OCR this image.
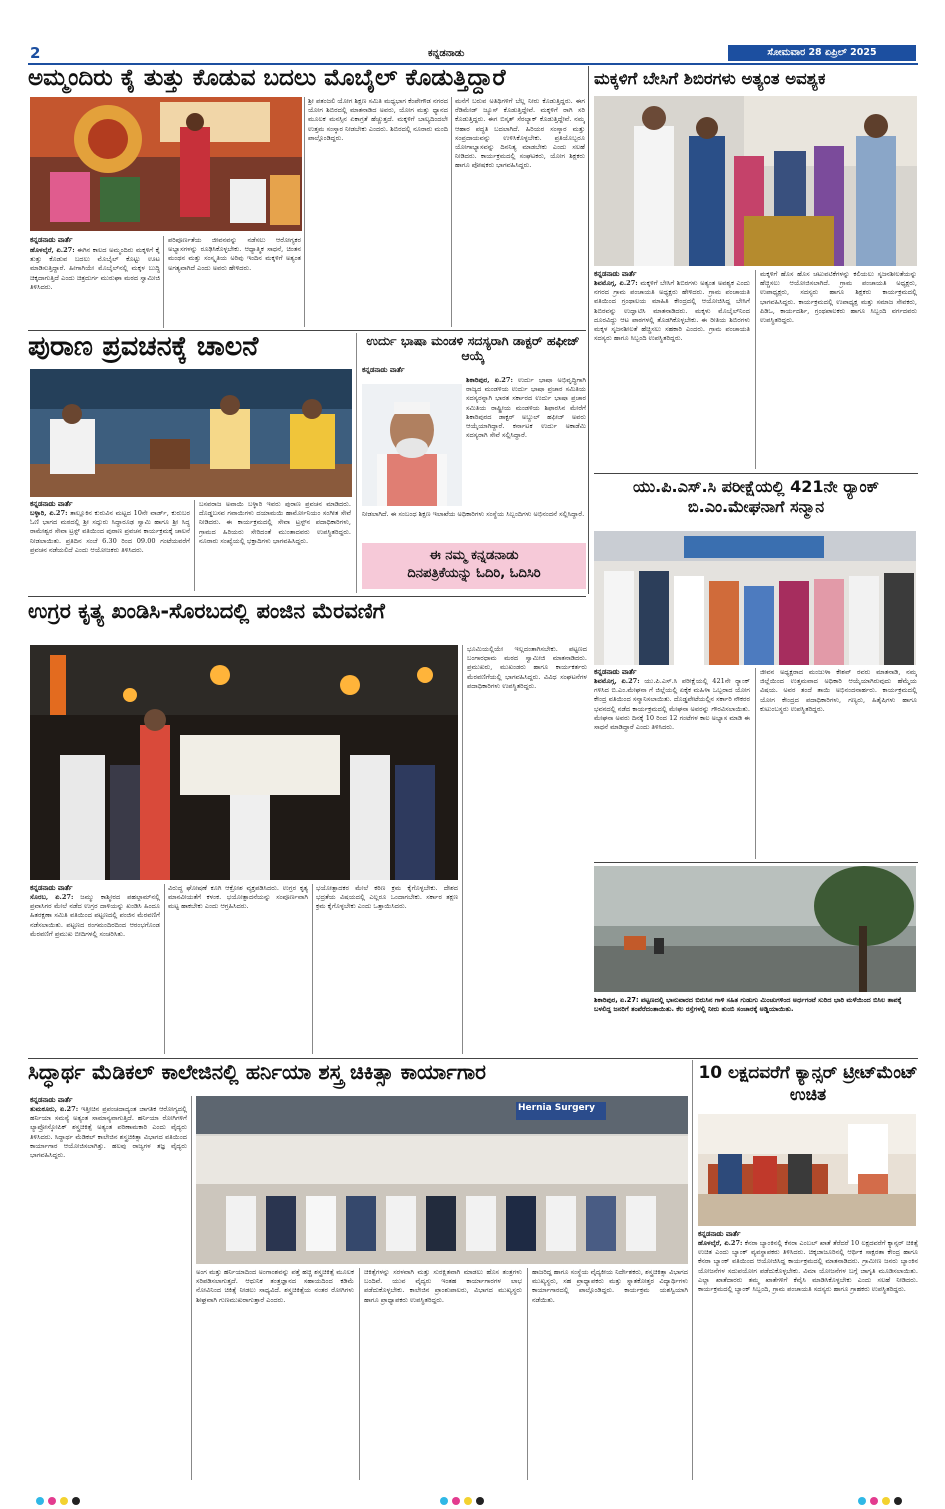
2	ಕನ್ನಡನಾಡು	ಸೋಮವಾರ 28 ಏಪ್ರಿಲ್ 2025
ಅಮ್ಮಂದಿರು ಕೈ ತುತ್ತು ಕೊಡುವ ಬದಲು ಮೊಬೈಲ್ ಕೊಡುತ್ತಿದ್ದಾರೆ
ಕನ್ನಡನಾಡು ವಾರ್ತೆ
ಹೊಳಲ್ಕೆರೆ, ಏ.27: ಈಗಿನ ಕಾಲದ ಅಮ್ಮಂದಿರು ಮಕ್ಕಳಿಗೆ ಕೈ ತುತ್ತು ಕೊಡುವ ಬದಲು ಮೊಬೈಲ್ ಕೊಟ್ಟು ಊಟ ಮಾಡಿಸುತ್ತಿದ್ದಾರೆ. ಹೀಗಾಗಿಯೇ ಮೊಬೈಲ್‌ನಲ್ಲಿ ಮಕ್ಕಳ ಬುದ್ಧಿ ಚಿಕ್ಕದಾಗುತ್ತಿದೆ ಎಂದು ಚಿತ್ರದುರ್ಗ ಮುರುಘಾ ಮಠದ ಸ್ವಾಮೀಜಿ ತಿಳಿಸಿದರು.
ಪರಿಪೂರ್ಣತೆಯ ಜೀವನವನ್ನು ನಡೆಸಲು ಆರೋಗ್ಯಕರ ಅಭ್ಯಾಸಗಳನ್ನು ರೂಢಿಸಿಕೊಳ್ಳಬೇಕು. ಆಧ್ಯಾತ್ಮಿಕ ಸಾಧನೆ, ಚಿಂತನ ಮಂಥನ ಮತ್ತು ಸಂಸ್ಕೃತಿಯ ಅರಿವು ಇಂದಿನ ಮಕ್ಕಳಿಗೆ ಅತ್ಯಂತ ಅಗತ್ಯವಾಗಿದೆ ಎಂದು ಅವರು ಹೇಳಿದರು.
ಶ್ರೀ ಪತಂಜಲಿ ಯೋಗ ಶಿಕ್ಷಣ ಸಮಿತಿ ಮಧ್ಯಭಾಗ ಕೆಂಪೇಗೌಡ ನಗರದ ಯೋಗ ಶಿಬಿರದಲ್ಲಿ ಮಾತನಾಡಿದ ಅವರು, ಯೋಗ ಮತ್ತು ಧ್ಯಾನದ ಮೂಲಕ ಮನಸ್ಸಿನ ಏಕಾಗ್ರತೆ ಹೆಚ್ಚುತ್ತದೆ. ಮಕ್ಕಳಿಗೆ ಬಾಲ್ಯದಿಂದಲೇ ಉತ್ತಮ ಸಂಸ್ಕಾರ ನೀಡಬೇಕು ಎಂದರು. ಶಿಬಿರದಲ್ಲಿ ನೂರಾರು ಮಂದಿ ಪಾಲ್ಗೊಂಡಿದ್ದರು.
ಮನೆಗೆ ಬರುವ ಅತಿಥಿಗಳಿಗೆ ಬೆಲ್ಲ ನೀರು ಕೊಡುತ್ತಿದ್ದರು. ಈಗ ರೆಡಿಮೇಡ್ ಜ್ಯೂಸ್ ಕೊಡುತ್ತಿದ್ದೇವೆ. ಮಕ್ಕಳಿಗೆ ರಾಗಿ ಸರಿ ಕೊಡುತ್ತಿದ್ದರು. ಈಗ ಬಿಸ್ಕತ್ ಸೆರಲ್ಯಾಕ್ ಕೊಡುತ್ತಿದ್ದೇವೆ. ನಮ್ಮ ಆಹಾರ ಪದ್ಧತಿ ಬದಲಾಗಿದೆ. ಹಿರಿಯರ ಸಂಸ್ಕಾರ ಮತ್ತು ಸಂಪ್ರದಾಯವನ್ನು ಉಳಿಸಿಕೊಳ್ಳಬೇಕು. ಪ್ರತಿಯೊಬ್ಬರೂ ಯೋಗಾಭ್ಯಾಸವನ್ನು ದಿನನಿತ್ಯ ಮಾಡಬೇಕು ಎಂದು ಸಲಹೆ ನೀಡಿದರು. ಕಾರ್ಯಕ್ರಮದಲ್ಲಿ ಸಂಘಟಕರು, ಯೋಗ ಶಿಕ್ಷಕರು ಹಾಗೂ ಪೋಷಕರು ಭಾಗವಹಿಸಿದ್ದರು.
ಮಕ್ಕಳಿಗೆ ಬೇಸಿಗೆ ಶಿಬಿರಗಳು ಅತ್ಯಂತ ಅವಶ್ಯಕ
ಕನ್ನಡನಾಡು ವಾರ್ತೆ
ಶಿವಮೊಗ್ಗ, ಏ.27: ಮಕ್ಕಳಿಗೆ ಬೇಸಿಗೆ ಶಿಬಿರಗಳು ಅತ್ಯಂತ ಅವಶ್ಯಕ ಎಂದು ನಗರದ ಗ್ರಾಮ ಪಂಚಾಯತಿ ಅಧ್ಯಕ್ಷರು ಹೇಳಿದರು. ಗ್ರಾಮ ಪಂಚಾಯತಿ ವತಿಯಿಂದ ಗ್ರಂಥಾಲಯ ಮಾಹಿತಿ ಕೇಂದ್ರದಲ್ಲಿ ಆಯೋಜಿಸಿದ್ದ ಬೇಸಿಗೆ ಶಿಬಿರವನ್ನು ಉದ್ಘಾಟಿಸಿ ಮಾತನಾಡಿದರು. ಮಕ್ಕಳು ಮೊಬೈಲ್‌ನಿಂದ ದೂರವಿದ್ದು ಆಟ ಪಾಠಗಳಲ್ಲಿ ತೊಡಗಿಕೊಳ್ಳಬೇಕು. ಈ ರೀತಿಯ ಶಿಬಿರಗಳು ಮಕ್ಕಳ ಸೃಜನಶೀಲತೆ ಹೆಚ್ಚಿಸಲು ಸಹಕಾರಿ ಎಂದರು. ಗ್ರಾಮ ಪಂಚಾಯತಿ ಸದಸ್ಯರು ಹಾಗೂ ಸಿಬ್ಬಂದಿ ಉಪಸ್ಥಿತರಿದ್ದರು.
ಮಕ್ಕಳಿಗೆ ಹೊಸ ಹೊಸ ಚಟುವಟಿಕೆಗಳನ್ನು ಕಲಿಯಲು ಸೃಜನಶೀಲತೆಯನ್ನು ಹೆಚ್ಚಿಸಲು ಆಯೋಜಿಸಲಾಗಿದೆ. ಗ್ರಾಮ ಪಂಚಾಯತಿ ಅಧ್ಯಕ್ಷರು, ಉಪಾಧ್ಯಕ್ಷರು, ಸದಸ್ಯರು ಹಾಗೂ ಶಿಕ್ಷಕರು ಕಾರ್ಯಕ್ರಮದಲ್ಲಿ ಭಾಗವಹಿಸಿದ್ದರು. ಕಾರ್ಯಕ್ರಮದಲ್ಲಿ ಉಪಾಧ್ಯಕ್ಷ ಮತ್ತು ಸಮಾಜ ಸೇವಕರು, ಪಿಡಿಒ, ಕಾರ್ಯದರ್ಶಿ, ಗ್ರಂಥಪಾಲಕರು ಹಾಗೂ ಸಿಬ್ಬಂದಿ ವರ್ಗದವರು ಉಪಸ್ಥಿತರಿದ್ದರು.
ಪುರಾಣ ಪ್ರವಚನಕ್ಕೆ ಚಾಲನೆ
ಕನ್ನಡನಾಡು ವಾರ್ತೆ
ಬಳ್ಳಾರಿ, ಏ.27: ತಾಲ್ಲೂಕಿನ ಕುರುವಿನ ಮಟ್ಟದ 10ನೇ ವಾರ್ಡ್, ಕುರುಬರ ಓಣಿ ಭಾಗದ ಮಠದಲ್ಲಿ ಶ್ರೀ ಸದ್ಗುರು ಸಿದ್ಧಾರೂಢ ಸ್ವಾಮಿ ಹಾಗೂ ಶ್ರೀ ಸಿದ್ಧ ರಾಮೇಶ್ವರ ಸೇವಾ ಟ್ರಸ್ಟ್ ವತಿಯಿಂದ ಪುರಾಣ ಪ್ರವಚನ ಕಾರ್ಯಕ್ರಮಕ್ಕೆ ಚಾಲನೆ ನೀಡಲಾಯಿತು. ಪ್ರತಿದಿನ ಸಂಜೆ 6.30 ರಿಂದ 09.00 ಗಂಟೆಯವರೆಗೆ ಪ್ರವಚನ ನಡೆಯಲಿದೆ ಎಂದು ಆಯೋಜಕರು ತಿಳಿಸಿದರು.
ಬಸವರಾಜ ಅವಾಯಿ ಬಳ್ಳಾರಿ ಇವರು ಪುರಾಣ ಪ್ರವಚನ ಮಾಡಿದರು. ದೊಡ್ಡಬಸವ ಗವಾಯಿಗಳು ದಯಾಮಯಿ ಹಾರ್ಮೋನಿಯಂ ಸಂಗೀತ ಸೇವೆ ನೀಡಿದರು. ಈ ಕಾರ್ಯಕ್ರಮದಲ್ಲಿ ಸೇವಾ ಟ್ರಸ್ಟ್‌ನ ಪದಾಧಿಕಾರಿಗಳು, ಗ್ರಾಮದ ಹಿರಿಯರು ಸೇರಿದಂತೆ ಮುಂತಾದವರು ಉಪಸ್ಥಿತರಿದ್ದರು. ನೂರಾರು ಸಂಖ್ಯೆಯಲ್ಲಿ ಭಕ್ತಾದಿಗಳು ಭಾಗವಹಿಸಿದ್ದರು.
ಉರ್ದು ಭಾಷಾ ಮಂಡಳಿ ಸದಸ್ಯರಾಗಿ ಡಾಕ್ಟರ್ ಹಫೀಜ್ ಆಯ್ಕೆ
ಕನ್ನಡನಾಡು ವಾರ್ತೆ
ಶಿಕಾರಿಪುರ, ಏ.27: ಉರ್ದು ಭಾಷಾ ಅಭಿವೃದ್ಧಿಗಾಗಿ ರಾಜ್ಯದ ಮಂಡಳಿಯ ಉರ್ದು ಭಾಷಾ ಪ್ರಚಾರ ಸಮಿತಿಯ ಸದಸ್ಯರನ್ನಾಗಿ ಭಾರತ ಸರ್ಕಾರದ ಉರ್ದು ಭಾಷಾ ಪ್ರಚಾರ ಸಮಿತಿಯ ರಾಷ್ಟ್ರೀಯ ಮಂಡಳಿಯ ಶಿಫಾರಸಿನ ಮೇರೆಗೆ ಶಿಕಾರಿಪುರದ ಡಾಕ್ಟರ್ ಅಬ್ದುಲ್ ಹಫೀಜ್ ಅವರು ಆಯ್ಕೆಯಾಗಿದ್ದಾರೆ. ಕರ್ನಾಟಕ ಉರ್ದು ಅಕಾಡೆಮಿ ಸದಸ್ಯರಾಗಿ ಸೇವೆ ಸಲ್ಲಿಸಿದ್ದಾರೆ.
ನೀಡಲಾಗಿದೆ. ಈ ಸಂಬಂಧ ಶಿಕ್ಷಣ ಇಲಾಖೆಯ ಅಧಿಕಾರಿಗಳು ಸಂಸ್ಥೆಯ ಸಿಬ್ಬಂದಿಗಳು ಅಭಿನಂದನೆ ಸಲ್ಲಿಸಿದ್ದಾರೆ.
ಈ ನಮ್ಮ ಕನ್ನಡನಾಡು
ದಿನಪತ್ರಿಕೆಯನ್ನು ಓದಿರಿ, ಓದಿಸಿರಿ
ಯು.ಪಿ.ಎಸ್.ಸಿ ಪರೀಕ್ಷೆಯಲ್ಲಿ 421ನೇ ರ್‍ಯಾಂಕ್ ಬಿ.ಎಂ.ಮೇಘನಾಗೆ ಸನ್ಮಾನ
ಕನ್ನಡನಾಡು ವಾರ್ತೆ
ಶಿವಮೊಗ್ಗ, ಏ.27: ಯು.ಪಿ.ಎಸ್.ಸಿ ಪರೀಕ್ಷೆಯಲ್ಲಿ 421ನೇ ರ್‍ಯಾಂಕ್ ಗಳಿಸಿದ ಬಿ.ಎಂ.ಮೇಘನಾ ಗೆ ಜಿಲ್ಲೆಯಲ್ಲಿ ಏಕೈಕ ಮಹಿಳಾ ಒಬ್ಬರಾದ ಯೋಗ ಕೇಂದ್ರ ವತಿಯಿಂದ ಸನ್ಮಾನಿಸಲಾಯಿತು. ದೊಡ್ಡಪೇಟೆಯಲ್ಲಿನ ಸರ್ಕಾರಿ ನೌಕರರ ಭವನದಲ್ಲಿ ನಡೆದ ಕಾರ್ಯಕ್ರಮದಲ್ಲಿ ಮೇಘನಾ ಅವರನ್ನು ಗೌರವಿಸಲಾಯಿತು. ಮೇಘನಾ ಅವರು ದಿನಕ್ಕೆ 10 ರಿಂದ 12 ಗಂಟೆಗಳ ಕಾಲ ಅಭ್ಯಾಸ ಮಾಡಿ ಈ ಸಾಧನೆ ಮಾಡಿದ್ದಾರೆ ಎಂದು ತಿಳಿಸಿದರು.
ಜೀವನ ಅಧ್ಯಕ್ಷರಾದ ಮಂಜುಳಾ ಕೇಶವ್ ರವರು ಮಾತನಾಡಿ, ನಮ್ಮ ಜಿಲ್ಲೆಯಿಂದ ಉತ್ತಮವಾದ ಅಧಿಕಾರಿ ಆಯ್ಕೆಯಾಗಿರುವುದು ಹೆಮ್ಮೆಯ ವಿಷಯ. ಅವರ ತಂದೆ ತಾಯಿ ಅಭಿನಂದನಾರ್ಹರು. ಕಾರ್ಯಕ್ರಮದಲ್ಲಿ ಯೋಗ ಕೇಂದ್ರದ ಪದಾಧಿಕಾರಿಗಳು, ಗಣ್ಯರು, ಹಿತೈಷಿಗಳು ಹಾಗೂ ಕುಟುಂಬಸ್ಥರು ಉಪಸ್ಥಿತರಿದ್ದರು.
ಉಗ್ರರ ಕೃತ್ಯ ಖಂಡಿಸಿ-ಸೊರಬದಲ್ಲಿ ಪಂಜಿನ ಮೆರವಣಿಗೆ
ಕನ್ನಡನಾಡು ವಾರ್ತೆ
ಸೊರಬ, ಏ.27: ಜಮ್ಮು ಕಾಶ್ಮೀರದ ಪಹಲ್ಗಾಮ್‌ನಲ್ಲಿ ಪ್ರವಾಸಿಗರ ಮೇಲೆ ನಡೆದ ಉಗ್ರರ ದಾಳಿಯನ್ನು ಖಂಡಿಸಿ ಹಿಂದೂ ಹಿತರಕ್ಷಣಾ ಸಮಿತಿ ವತಿಯಿಂದ ಪಟ್ಟಣದಲ್ಲಿ ಪಂಜಿನ ಮೆರವಣಿಗೆ ನಡೆಸಲಾಯಿತು. ಪಟ್ಟಣದ ರಂಗಮಂದಿರದಿಂದ ಆರಂಭಗೊಂಡ ಮೆರವಣಿಗೆ ಪ್ರಮುಖ ಬೀದಿಗಳಲ್ಲಿ ಸಂಚರಿಸಿತು.
ವಿರುದ್ಧ ಘೋಷಣೆ ಕೂಗಿ ಆಕ್ರೋಶ ವ್ಯಕ್ತಪಡಿಸಿದರು. ಉಗ್ರರ ಕೃತ್ಯ ಮಾನವೀಯತೆಗೆ ಕಳಂಕ. ಭಯೋತ್ಪಾದನೆಯನ್ನು ಸಂಪೂರ್ಣವಾಗಿ ಮಟ್ಟ ಹಾಕಬೇಕು ಎಂದು ಆಗ್ರಹಿಸಿದರು.
ಭಯೋತ್ಪಾದಕರ ಮೇಲೆ ಕಠಿಣ ಕ್ರಮ ಕೈಗೊಳ್ಳಬೇಕು. ದೇಶದ ಭದ್ರತೆಯ ವಿಷಯದಲ್ಲಿ ಎಲ್ಲರೂ ಒಂದಾಗಬೇಕು. ಸರ್ಕಾರ ತಕ್ಷಣ ಕ್ರಮ ಕೈಗೊಳ್ಳಬೇಕು ಎಂದು ಒತ್ತಾಯಿಸಿದರು.
ಭೂಮಿಯಲ್ಲಿಯೇ ಇಲ್ಲದಂತಾಗಿಸಬೇಕು. ಪಟ್ಟಣದ ಬಂಗಾರಧಾಮ ಮಠದ ಸ್ವಾಮೀಜಿ ಮಾತನಾಡಿದರು. ಪ್ರಮುಖರು, ಮುಖಂಡರು ಹಾಗೂ ಕಾರ್ಯಕರ್ತರು ಮೆರವಣಿಗೆಯಲ್ಲಿ ಭಾಗವಹಿಸಿದ್ದರು. ವಿವಿಧ ಸಂಘಟನೆಗಳ ಪದಾಧಿಕಾರಿಗಳು ಉಪಸ್ಥಿತರಿದ್ದರು.
ಶಿಕಾರಿಪುರ, ಏ.27: ಪಟ್ಟಣದಲ್ಲಿ ಭಾನುವಾರದ ಬಿರುಸಿನ ಗಾಳಿ ಸಹಿತ ಗುಡುಗು ಮಿಂಚುಗಳಿಂದ ಅರ್ಧಗಂಟೆ ಸುರಿದ ಭಾರಿ ಮಳೆಯಿಂದ ಬಿಸಿಲ ತಾಪಕ್ಕೆ ಬಳಲಿದ್ದ ಜನರಿಗೆ ತಂಪೆರೆದಂತಾಯಿತು. ಕೆಲ ರಸ್ತೆಗಳಲ್ಲಿ ನೀರು ತುಂಬಿ ಸಂಚಾರಕ್ಕೆ ಅಡ್ಡಿಯಾಯಿತು.
ಸಿದ್ಧಾರ್ಥ ಮೆಡಿಕಲ್ ಕಾಲೇಜಿನಲ್ಲಿ ಹರ್ನಿಯಾ ಶಸ್ತ್ರ ಚಿಕಿತ್ಸಾ ಕಾರ್ಯಾಗಾರ
ಕನ್ನಡನಾಡು ವಾರ್ತೆ
ತುಮಕೂರು, ಏ.27: ಇತ್ತೀಚಿನ ಪ್ರಪಂಚದಾದ್ಯಂತ ಜಾಗತಿಕ ಆರೋಗ್ಯದಲ್ಲಿ ಹರ್ನಿಯಾ ಸಮಸ್ಯೆ ಅತ್ಯಂತ ಸಾಮಾನ್ಯವಾಗುತ್ತಿದೆ. ಹರ್ನಿಯಾ ರೋಗಿಗಳಿಗೆ ಲ್ಯಾಪ್ರೋಸ್ಕೋಪಿಕ್ ಶಸ್ತ್ರಚಿಕಿತ್ಸೆ ಅತ್ಯಂತ ಪರಿಣಾಮಕಾರಿ ಎಂದು ವೈದ್ಯರು ತಿಳಿಸಿದರು. ಸಿದ್ಧಾರ್ಥ ಮೆಡಿಕಲ್ ಕಾಲೇಜಿನ ಶಸ್ತ್ರಚಿಕಿತ್ಸಾ ವಿಭಾಗದ ವತಿಯಿಂದ ಕಾರ್ಯಾಗಾರ ಆಯೋಜಿಸಲಾಗಿತ್ತು. ಹಲವು ರಾಜ್ಯಗಳ ತಜ್ಞ ವೈದ್ಯರು ಭಾಗವಹಿಸಿದ್ದರು.
Hernia Surgery
ಅಂಗ ಮತ್ತು ಹರ್ನಿಯಾದಿಂದ ಅಂಗಾಂಶವನ್ನು ಪತ್ತೆ ಹಚ್ಚಿ ಶಸ್ತ್ರಚಿಕಿತ್ಸೆ ಮೂಲಕ ಸರಿಪಡಿಸಲಾಗುತ್ತದೆ. ಆಧುನಿಕ ತಂತ್ರಜ್ಞಾನದ ಸಹಾಯದಿಂದ ಕಡಿಮೆ ನೋವಿನಿಂದ ಚಿಕಿತ್ಸೆ ನೀಡಲು ಸಾಧ್ಯವಿದೆ. ಶಸ್ತ್ರಚಿಕಿತ್ಸೆಯ ನಂತರ ರೋಗಿಗಳು ಶೀಘ್ರವಾಗಿ ಗುಣಮುಖರಾಗುತ್ತಾರೆ ಎಂದರು.
ಚಿಕಿತ್ಸೆಗಳನ್ನು ಸರಳವಾಗಿ ಮತ್ತು ಸುರಕ್ಷಿತವಾಗಿ ಮಾಡಲು ಹೊಸ ತಂತ್ರಗಳು ಬಂದಿವೆ. ಯುವ ವೈದ್ಯರು ಇಂತಹ ಕಾರ್ಯಾಗಾರಗಳ ಲಾಭ ಪಡೆದುಕೊಳ್ಳಬೇಕು. ಕಾಲೇಜಿನ ಪ್ರಾಂಶುಪಾಲರು, ವಿಭಾಗದ ಮುಖ್ಯಸ್ಥರು ಹಾಗೂ ಪ್ರಾಧ್ಯಾಪಕರು ಉಪಸ್ಥಿತರಿದ್ದರು.
ಹಾಜರಿದ್ದ ಹಾಗೂ ಸಂಸ್ಥೆಯ ವೈದ್ಯಕೀಯ ನಿರ್ದೇಶಕರು, ಶಸ್ತ್ರಚಿಕಿತ್ಸಾ ವಿಭಾಗದ ಮುಖ್ಯಸ್ಥರು, ಸಹ ಪ್ರಾಧ್ಯಾಪಕರು ಮತ್ತು ಸ್ನಾತಕೋತ್ತರ ವಿದ್ಯಾರ್ಥಿಗಳು ಕಾರ್ಯಾಗಾರದಲ್ಲಿ ಪಾಲ್ಗೊಂಡಿದ್ದರು. ಕಾರ್ಯಕ್ರಮ ಯಶಸ್ವಿಯಾಗಿ ನಡೆಯಿತು.
10 ಲಕ್ಷದವರೆಗೆ ಕ್ಯಾನ್ಸರ್ ಟ್ರೀಟ್‌ಮೆಂಟ್ ಉಚಿತ
ಕನ್ನಡನಾಡು ವಾರ್ತೆ
ಹೊಳಲ್ಕೆರೆ, ಏ.27: ಕೆನರಾ ಬ್ಯಾಂಕಿನಲ್ಲಿ ಕೆನರಾ ಎಂಬಲ್ ಖಾತೆ ತೆರೆದರೆ 10 ಲಕ್ಷದವರೆಗೆ ಕ್ಯಾನ್ಸರ್ ಚಿಕಿತ್ಸೆ ಉಚಿತ ಎಂದು ಬ್ಯಾಂಕ್ ವ್ಯವಸ್ಥಾಪಕರು ತಿಳಿಸಿದರು. ಚಿಕ್ಕಜಾಜೂರಿನಲ್ಲಿ ಆರ್ಥಿಕ ಸಾಕ್ಷರತಾ ಕೇಂದ್ರ ಹಾಗೂ ಕೆನರಾ ಬ್ಯಾಂಕ್ ವತಿಯಿಂದ ಆಯೋಜಿಸಿದ್ದ ಕಾರ್ಯಕ್ರಮದಲ್ಲಿ ಮಾತನಾಡಿದರು. ಗ್ರಾಮೀಣ ಜನರು ಬ್ಯಾಂಕಿನ ಯೋಜನೆಗಳ ಸದುಪಯೋಗ ಪಡೆದುಕೊಳ್ಳಬೇಕು. ವಿಮಾ ಯೋಜನೆಗಳ ಬಗ್ಗೆ ಜಾಗೃತಿ ಮೂಡಿಸಲಾಯಿತು. ಎಲ್ಲಾ ಖಾತೆದಾರರು ತಮ್ಮ ಖಾತೆಗಳಿಗೆ ಕೆವೈಸಿ ಮಾಡಿಸಿಕೊಳ್ಳಬೇಕು ಎಂದು ಸಲಹೆ ನೀಡಿದರು. ಕಾರ್ಯಕ್ರಮದಲ್ಲಿ ಬ್ಯಾಂಕ್ ಸಿಬ್ಬಂದಿ, ಗ್ರಾಮ ಪಂಚಾಯತಿ ಸದಸ್ಯರು ಹಾಗೂ ಗ್ರಾಹಕರು ಉಪಸ್ಥಿತರಿದ್ದರು.
